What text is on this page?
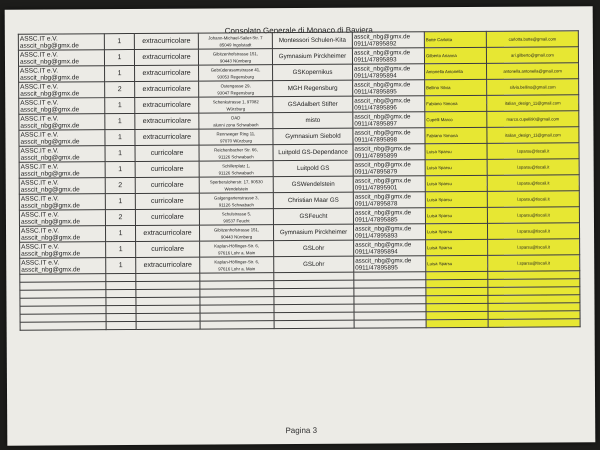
Consolato Generale di Monaco di Baviera
ASSC.IT e.V.
asscit_nbg@gmx.de	1	extracurricolare	Johann-Michael-Sailer-Str. 7
85049 Ingolstadt	Montessori Schulen-Kita	asscit_nbg@gmx.de
0911/47895892	Botte Carlotta	carlotta.botte@gmail.com

ASSC.IT e.V.
asscit_nbg@gmx.de	1	extracurricolare	Gibitzenhofstrasse 151,
90443 Nürnberg	Gymnasium Pirckheimer	asscit_nbg@gmx.de
0911/47895893	Gilberto Arianna	ari.gilberto@gmail.com

ASSC.IT e.V.
asscit_nbg@gmx.de	1	extracurricolare	Gebrüderasamstrasse 41,
93053 Regensburg	GSKopernikus	asscit_nbg@gmx.de
0911/47895894	Antonella Antonella	antonella.antonella@gmail.com

ASSC.IT e.V.
asscit_nbg@gmx.de	2	extracurricolare	Ostengasse 29,
93047 Regensburg	MGH Regensburg	asscit_nbg@gmx.de
0911/47895895	Bellino Silvia	silvia.bellino@gmail.com

ASSC.IT e.V.
asscit_nbg@gmx.de	1	extracurricolare	Schenkstrasse 1, 97082
Würzburg	GSAdalbert Stifter	asscit_nbg@gmx.de
0911/47895896	Fabiano Simona	italian_design_11@gmail.com

ASSC.IT e.V.
asscit_nbg@gmx.de	1	extracurricolare	DAD
alunni zona Schwabach	misto	asscit_nbg@gmx.de
0911/47895897	Cupelli Marco	marco.cupelli90@gmail.com

ASSC.IT e.V.
asscit_nbg@gmx.de	1	extracurricolare	Rennweger Ring 11,
97070 Würzburg	Gymnasium Siebold	asscit_nbg@gmx.de
0911/47895898	Fabiano Simona	italian_design_11@gmail.com

ASSC.IT e.V.
asscit_nbg@gmx.de	1	curricolare	Reichenbacher Str. 66,
91126 Schwabach	Luitpold GS-Dependance	asscit_nbg@gmx.de
0911/47895899	Luisa Sparsu	l.sparsu@tiscali.it

ASSC.IT e.V.
asscit_nbg@gmx.de	1	curricolare	Schillerplatz 1,
91126 Schwabach	Luitpold GS	asscit_nbg@gmx.de
0911/47895879	Luisa Sparsu	l.sparsu@tiscali.it

ASSC.IT e.V.
asscit_nbg@gmx.de	2	curricolare	Sperbersloherstr. 17, 90530
Wendelstein	GSWendelstein	asscit_nbg@gmx.de
0911/47895901	Luisa Sparsu	l.sparsu@tiscali.it

ASSC.IT e.V.
asscit_nbg@gmx.de	1	curricolare	Galgengartenstrasse 3,
91126 Schwabach	Christian Maar GS	asscit_nbg@gmx.de
0911/47895878	Luisa Sparsu	l.sparsu@tiscali.it

ASSC.IT e.V.
asscit_nbg@gmx.de	2	curricolare	Schulstrasse 5,
90537 Feucht	GSFeucht	asscit_nbg@gmx.de
0911/47895885	Luisa Sparsu	l.sparsu@tiscali.it

ASSC.IT e.V.
asscit_nbg@gmx.de	1	extracurricolare	Gibitzenhofstrasse 151,
90443 Nürnberg	Gymnasium Pirckheimer	asscit_nbg@gmx.de
0911/47895893	Luisa Sparsu	l.sparsu@tiscali.it

ASSC.IT e.V.
asscit_nbg@gmx.de	1	curricolare	Kaplan-Höflinger-Str. 6,
97616 Lohr a. Main	GSLohr	asscit_nbg@gmx.de
0911/47895894	Luisa Sparsu	l.sparsu@tiscali.it

ASSC.IT e.V.
asscit_nbg@gmx.de	1	extracurricolare	Kaplan-Höflinger-Str. 6,
97616 Lohr a. Main	GSLohr	asscit_nbg@gmx.de
0911/47895895	Luisa Sparsu	l.sparsu@tiscali.it

Pagina 3
